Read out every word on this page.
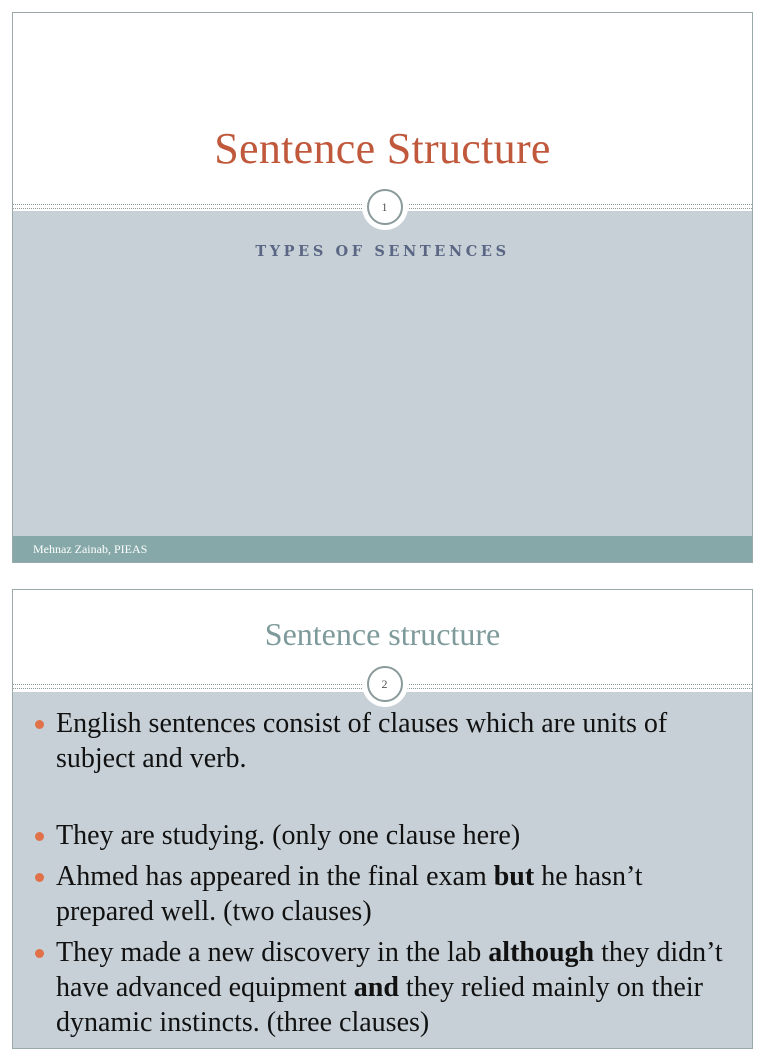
Sentence Structure
1
TYPES OF SENTENCES
Mehnaz Zainab, PIEAS
Sentence structure
2
English sentences consist of clauses which are units of subject and verb.
They are studying. (only one clause here)
Ahmed has appeared in the final exam but he hasn’t prepared well. (two clauses)
They made a new discovery in the lab although they didn’t have advanced equipment and they relied mainly on their dynamic instincts. (three clauses)
